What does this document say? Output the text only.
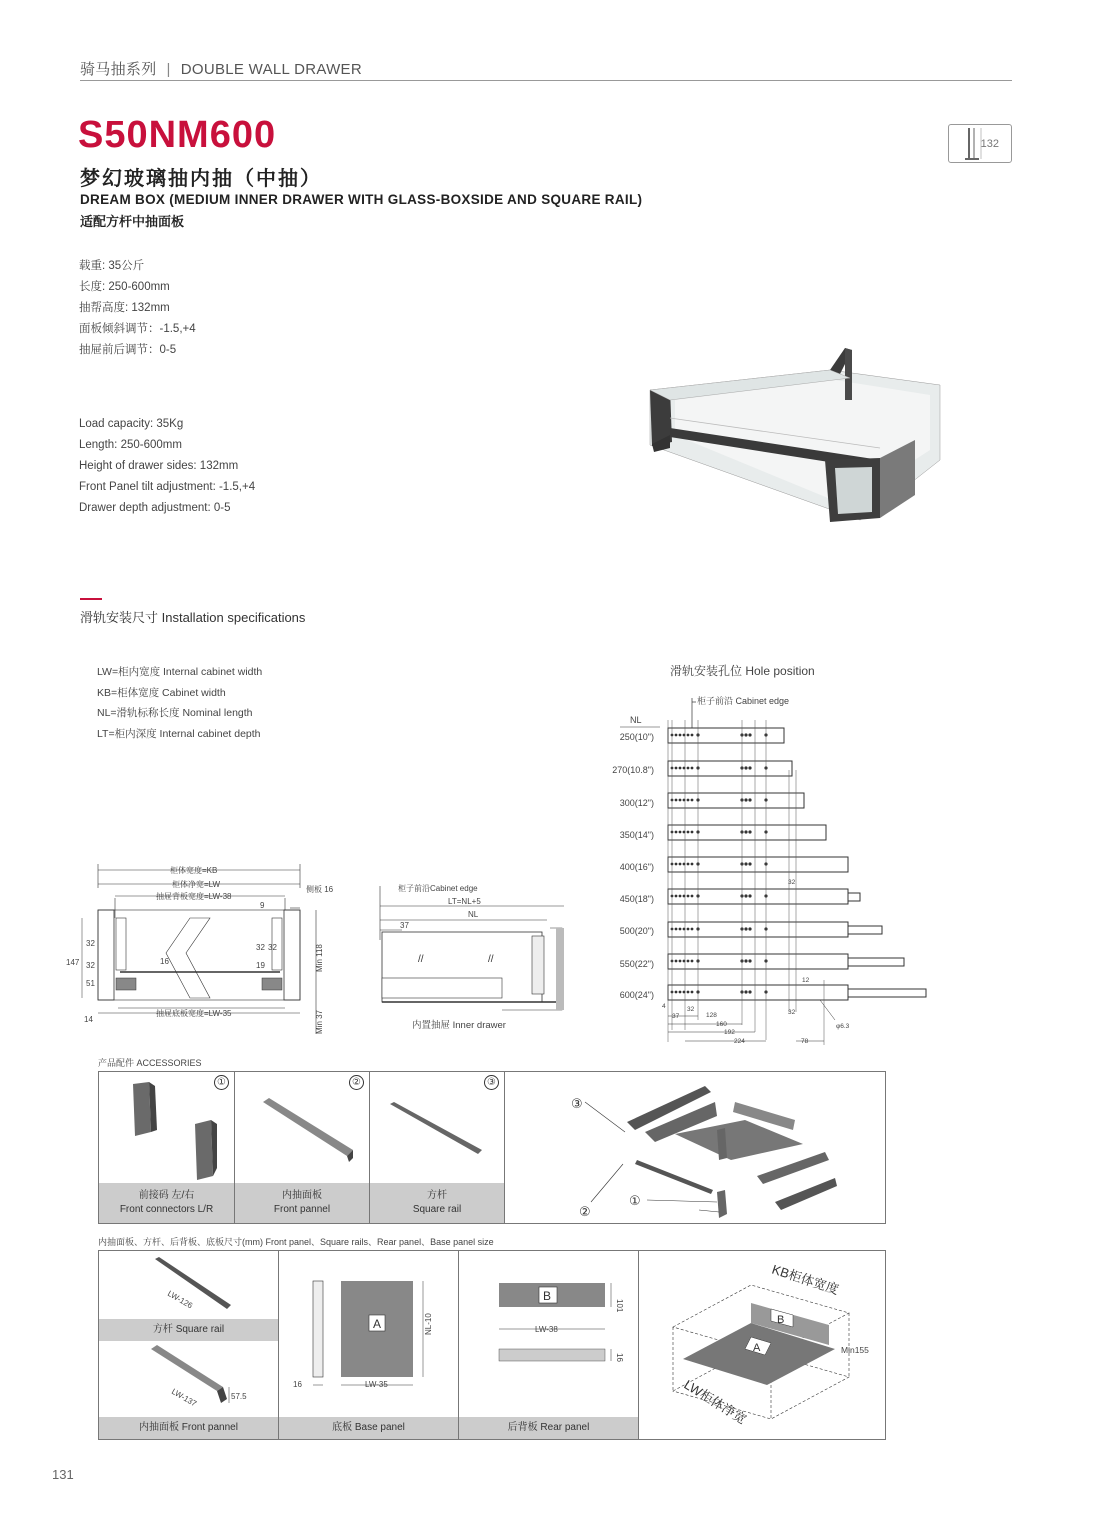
骑马抽系列 | DOUBLE WALL DRAWER
S50NM600
梦幻玻璃抽内抽（中抽）
DREAM BOX (MEDIUM INNER DRAWER WITH GLASS-BOXSIDE AND SQUARE RAIL)
适配方杆中抽面板
132
载重: 35公斤
长度: 250-600mm
抽帮高度: 132mm
面板倾斜调节：-1.5,+4
抽屉前后调节：0-5
Load capacity: 35Kg
Length: 250-600mm
Height of drawer sides: 132mm
Front Panel tilt adjustment: -1.5,+4
Drawer depth adjustment: 0-5
滑轨安装尺寸 Installation specifications
LW=柜内宽度 Internal cabinet width
KB=柜体宽度 Cabinet width
NL=滑轨标称长度 Nominal length
LT=柜内深度 Internal cabinet depth
滑轨安装孔位 Hole position
柜子前沿 Cabinet edge
NL
250(10")
270(10.8")
300(12")
350(14")
400(16")
450(18")
500(20")
550(22")
600(24")
4
37
32
128
160
192
224	78
φ6.3
12
32
32
柜体宽度=KB
柜体净宽=LW
抽屉背板宽度=LW-38
侧板 16
抽屉底板宽度=LW-35
9
147
32
32
51
16
14
19
32 32	Min 118
Min 37
//	//
柜子前沿Cabinet edge
LT=NL+5
NL
37
内置抽屉 Inner drawer
产品配件 ACCESSORIES
①
前接码 左/右
Front connectors L/R
②
内抽面板
Front pannel
③
方杆
Square rail
③
①
②
内抽面板、方杆、后背板、底板尺寸(mm) Front panel、Square rails、Rear panel、Base panel size
LW-126
方杆 Square rail
LW-137	57.5
内抽面板 Front pannel
A
16	LW-35
NL-10
底板 Base panel
B
LW-38
101
16
后背板 Rear panel
B
A
KB柜体宽度
LW柜体净宽
Min155
131
